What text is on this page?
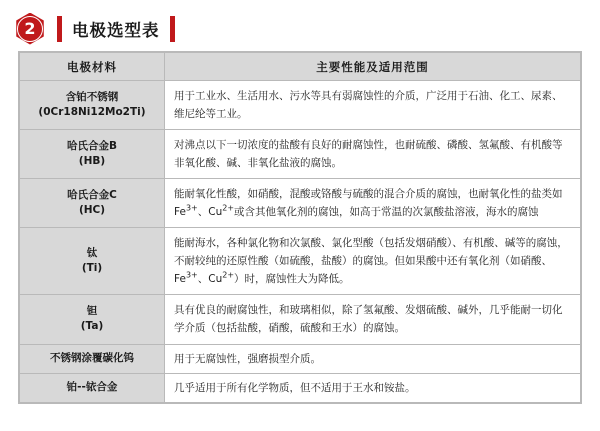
2	电极选型表
电极材料	主要性能及适用范围

含铂不锈钢
(0Cr18Ni12Mo2Ti)	用于工业水、生活用水、污水等具有弱腐蚀性的介质，广泛用于石油、化工、尿素、维尼纶等工业。

哈氏合金B
(HB)	对沸点以下一切浓度的盐酸有良好的耐腐蚀性，也耐硫酸、磷酸、氢氟酸、有机酸等非氧化酸、碱、非氧化盐液的腐蚀。

哈氏合金C
(HC)	能耐氧化性酸，如硝酸，混酸或铬酸与硫酸的混合介质的腐蚀，也耐氧化性的盐类如$Fe^{3+}$、$Cu^{2+}$或含其他氧化剂的腐蚀，如高于常温的次氯酸盐溶液，海水的腐蚀

钛
(Ti)	能耐海水，各种氯化物和次氯酸、氯化型酸（包括发烟硝酸）、有机酸、碱等的腐蚀，不耐较纯的还原性酸（如硫酸，盐酸）的腐蚀。但如果酸中还有氧化剂（如硝酸、$Fe^{3+}$、$Cu^{2+}$）时，腐蚀性大为降低。

钽
(Ta)	具有优良的耐腐蚀性，和玻璃相似，除了氢氟酸、发烟硫酸、碱外，几乎能耐一切化学介质（包括盐酸，硝酸，硫酸和王水）的腐蚀。

不锈钢涂覆碳化钨	用于无腐蚀性，强磨损型介质。

铂--铱合金	几乎适用于所有化学物质，但不适用于王水和铵盐。
